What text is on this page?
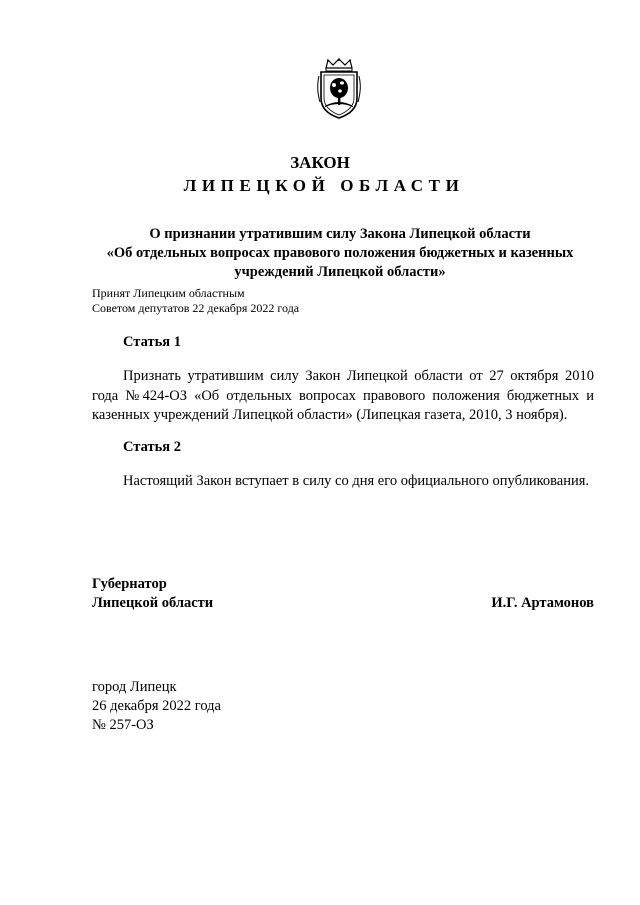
ЗАКОН
ЛИПЕЦКОЙ ОБЛАСТИ
О признании утратившим силу Закона Липецкой области
«Об отдельных вопросах правового положения бюджетных и казенных
учреждений Липецкой области»
Принят Липецким областным
Советом депутатов 22 декабря 2022 года
Статья 1
Признать утратившим силу Закон Липецкой области от 27 октября 2010 года №424-ОЗ «Об отдельных вопросах правового положения бюджетных и казенных учреждений Липецкой области» (Липецкая газета, 2010, 3 ноября).
Статья 2
Настоящий Закон вступает в силу со дня его официального опубликования.
Губернатор
Липецкой области	И.Г. Артамонов
город Липецк
26 декабря 2022 года
№ 257-ОЗ
